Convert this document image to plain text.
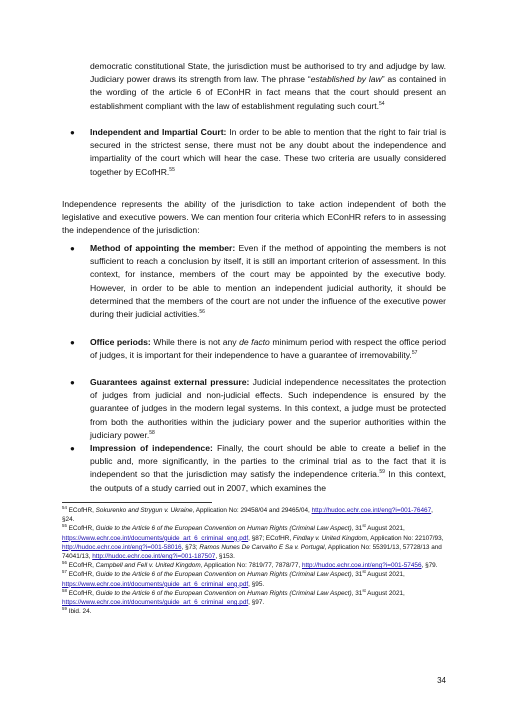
democratic constitutional State, the jurisdiction must be authorised to try and adjudge by law. Judiciary power draws its strength from law. The phrase “established by law” as contained in the wording of the article 6 of EConHR in fact means that the court should present an establishment compliant with the law of establishment regulating such court.$^{54}$
● Independent and Impartial Court: In order to be able to mention that the right to fair trial is secured in the strictest sense, there must not be any doubt about the independence and impartiality of the court which will hear the case. These two criteria are usually considered together by ECofHR.$^{55}$
Independence represents the ability of the jurisdiction to take action independent of both the legislative and executive powers. We can mention four criteria which EConHR refers to in assessing the independence of the jurisdiction:
● Method of appointing the member: Even if the method of appointing the members is not sufficient to reach a conclusion by itself, it is still an important criterion of assessment. In this context, for instance, members of the court may be appointed by the executive body. However, in order to be able to mention an independent judicial authority, it should be determined that the members of the court are not under the influence of the executive power during their judicial activities.$^{56}$
● Office periods: While there is not any de facto minimum period with respect the office period of judges, it is important for their independence to have a guarantee of irremovability.$^{57}$
● Guarantees against external pressure: Judicial independence necessitates the protection of judges from judicial and non-judicial effects. Such independence is ensured by the guarantee of judges in the modern legal systems. In this context, a judge must be protected from both the authorities within the judiciary power and the superior authorities within the judiciary power.$^{58}$
● Impression of independence: Finally, the court should be able to create a belief in the public and, more significantly, in the parties to the criminal trial as to the fact that it is independent so that the jurisdiction may satisfy the independence criteria.$^{59}$ In this context, the outputs of a study carried out in 2007, which examines the

$^{54}$ ECofHR, Sokurenko and Strygun v. Ukraine, Application No: 29458/04 and 29465/04, http://hudoc.echr.coe.int/eng?i=001-76467, §24.

$^{55}$ ECofHR, Guide to the Article 6 of the European Convention on Human Rights (Criminal Law Aspect), 31st August 2021, https://www.echr.coe.int/documents/guide_art_6_criminal_eng.pdf, §87; ECofHR, Findlay v. United Kingdom, Application No: 22107/93, http://hudoc.echr.coe.int/eng?i=001-58016, §73; Ramos Nunes De Carvalho E Sa v. Portugal, Application No: 55391/13, 57728/13 and 74041/13, http://hudoc.echr.coe.int/eng?i=001-187507, §153.

$^{56}$ ECofHR, Campbell and Fell v. United Kingdom, Application No: 7819/77, 7878/77, http://hudoc.echr.coe.int/eng?i=001-57456, §79.

$^{57}$ ECofHR, Guide to the Article 6 of the European Convention on Human Rights (Criminal Law Aspect), 31st August 2021, https://www.echr.coe.int/documents/guide_art_6_criminal_eng.pdf, §95.

$^{58}$ ECofHR, Guide to the Article 6 of the European Convention on Human Rights (Criminal Law Aspect), 31st August 2021, https://www.echr.coe.int/documents/guide_art_6_criminal_eng.pdf, §97.

$^{59}$ Ibid. 24.

34
